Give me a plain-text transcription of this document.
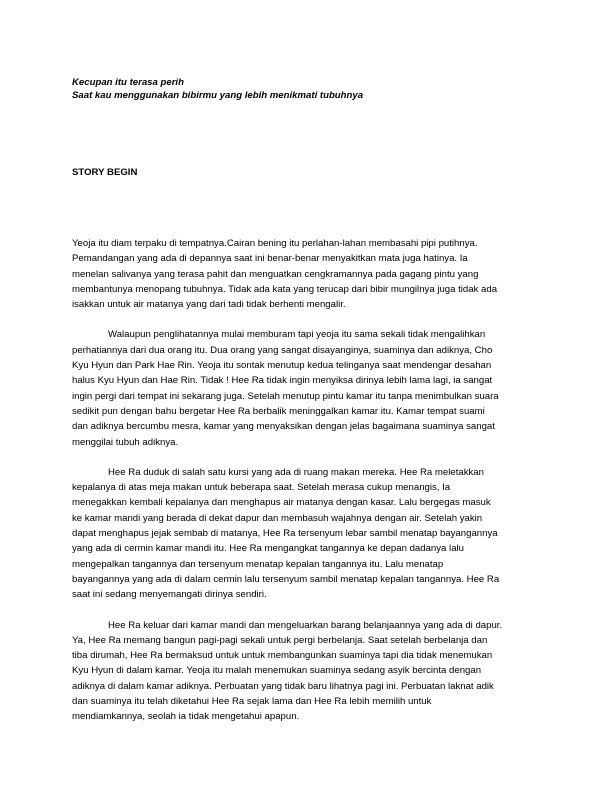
Kecupan itu terasa perih
Saat kau menggunakan bibirmu yang lebih menikmati tubuhnya
STORY BEGIN
Yeoja itu diam terpaku di tempatnya.Cairan bening itu perlahan-lahan membasahi pipi putihnya.
Pemandangan yang ada di depannya saat ini benar-benar menyakitkan mata juga hatinya. Ia
menelan salivanya yang terasa pahit dan menguatkan cengkramannya pada gagang pintu yang
membantunya menopang tubuhnya. Tidak ada kata yang terucap dari bibir mungilnya juga tidak ada
isakkan untuk air matanya yang dari tadi tidak berhenti mengalir.
Walaupun penglihatannya mulai memburam tapi yeoja itu sama sekali tidak mengalihkan
perhatiannya dari dua orang itu. Dua orang yang sangat disayanginya, suaminya dan adiknya, Cho
Kyu Hyun dan Park Hae Rin. Yeoja itu sontak menutup kedua telinganya saat mendengar desahan
halus Kyu Hyun dan Hae Rin. Tidak ! Hee Ra tidak ingin menyiksa dirinya lebih lama lagi, ia sangat
ingin pergi dari tempat ini sekarang juga. Setelah menutup pintu kamar itu tanpa menimbulkan suara
sedikit pun dengan bahu bergetar Hee Ra berbalik meninggalkan kamar itu. Kamar tempat suami
dan adiknya bercumbu mesra, kamar yang menyaksikan dengan jelas bagaimana suaminya sangat
menggilai tubuh adiknya.
Hee Ra duduk di salah satu kursi yang ada di ruang makan mereka. Hee Ra meletakkan
kepalanya di atas meja makan untuk beberapa saat. Setelah merasa cukup menangis, Ia
menegakkan kembali kepalanya dan menghapus air matanya dengan kasar. Lalu bergegas masuk
ke kamar mandi yang berada di dekat dapur dan membasuh wajahnya dengan air. Setelah yakin
dapat menghapus jejak sembab di matanya, Hee Ra tersenyum lebar sambil menatap bayangannya
yang ada di cermin kamar mandi itu. Hee Ra mengangkat tangannya ke depan dadanya lalu
mengepalkan tangannya dan tersenyum menatap kepalan tangannya itu. Lalu menatap
bayangannya yang ada di dalam cermin lalu tersenyum sambil menatap kepalan tangannya. Hee Ra
saat ini sedang menyemangati dirinya sendiri.
Hee Ra keluar dari kamar mandi dan mengeluarkan barang belanjaannya yang ada di dapur.
Ya, Hee Ra memang bangun pagi-pagi sekali untuk pergi berbelanja. Saat setelah berbelanja dan
tiba dirumah, Hee Ra bermaksud untuk untuk membangunkan suaminya tapi dia tidak menemukan
Kyu Hyun di dalam kamar. Yeoja itu malah menemukan suaminya sedang asyik bercinta dengan
adiknya di dalam kamar adiknya. Perbuatan yang tidak baru lihatnya pagi ini. Perbuatan laknat adik
dan suaminya itu telah diketahui Hee Ra sejak lama dan Hee Ra lebih memilih untuk
mendiamkannya, seolah ia tidak mengetahui apapun.
